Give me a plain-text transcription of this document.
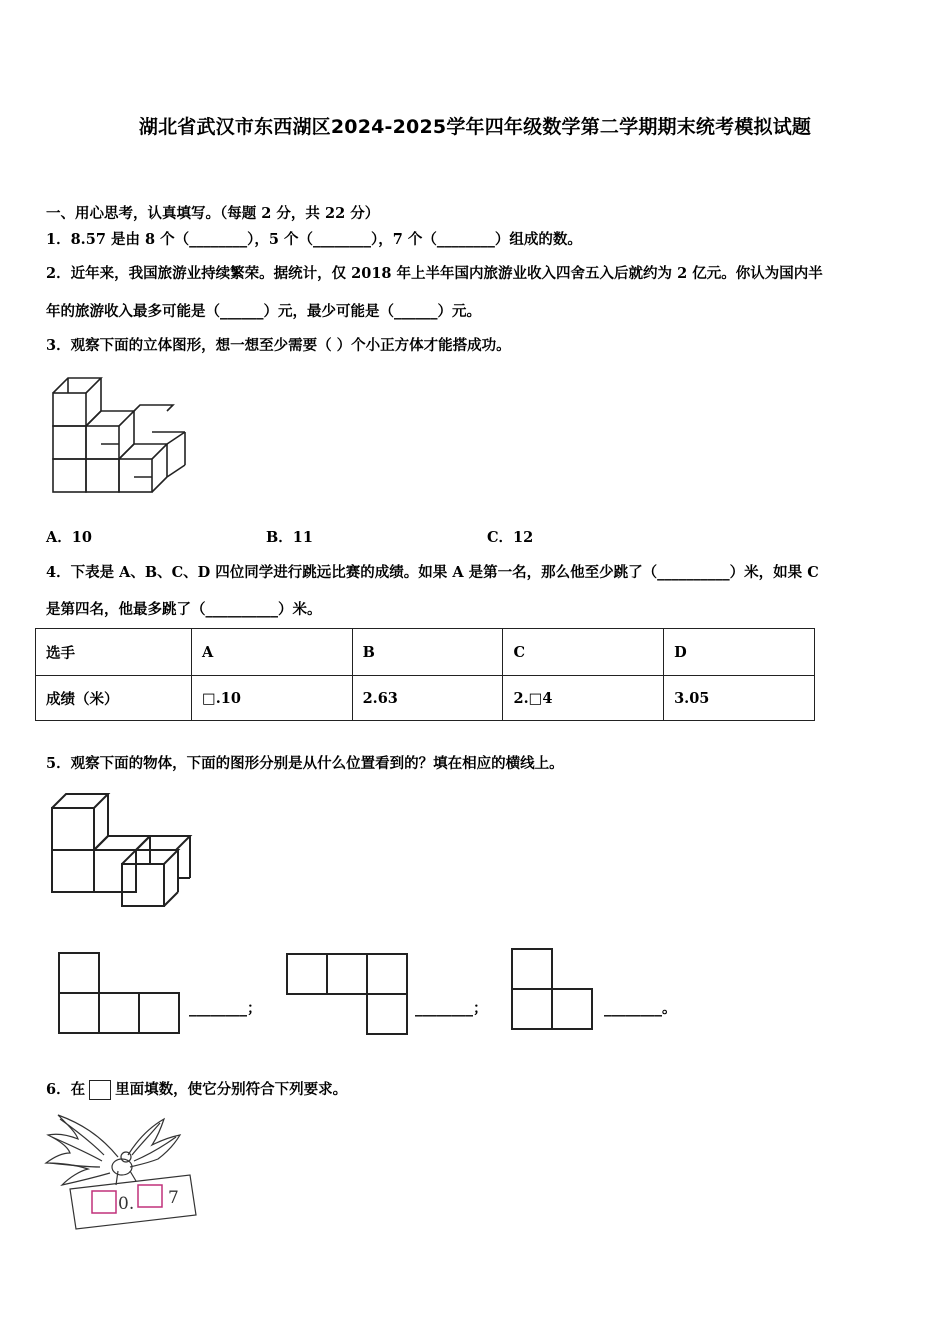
湖北省武汉市东西湖区2024-2025学年四年级数学第二学期期末统考模拟试题
一、用心思考，认真填写。（每题 2 分，共 22 分）
1．8.57 是由 8 个（________），5 个（________），7 个（________）组成的数。
2．近年来，我国旅游业持续繁荣。据统计，仅 2018 年上半年国内旅游业收入四舍五入后就约为 2 亿元。你认为国内半
年的旅游收入最多可能是（______）元，最少可能是（______）元。
3．观察下面的立体图形，想一想至少需要（ ）个小正方体才能搭成功。
A．10	B．11	C．12
4．下表是 A、B、C、D 四位同学进行跳远比赛的成绩。如果 A 是第一名，那么他至少跳了（__________）米，如果 C
是第四名，他最多跳了（__________）米。
选手	A	B	C	D
成绩（米）	□.10	2.63	2.□4	3.05
5．观察下面的物体，下面的图形分别是从什么位置看到的？填在相应的横线上。
________；	________；	________。
6．在 里面填数，使它分别符合下列要求。
0. 7
